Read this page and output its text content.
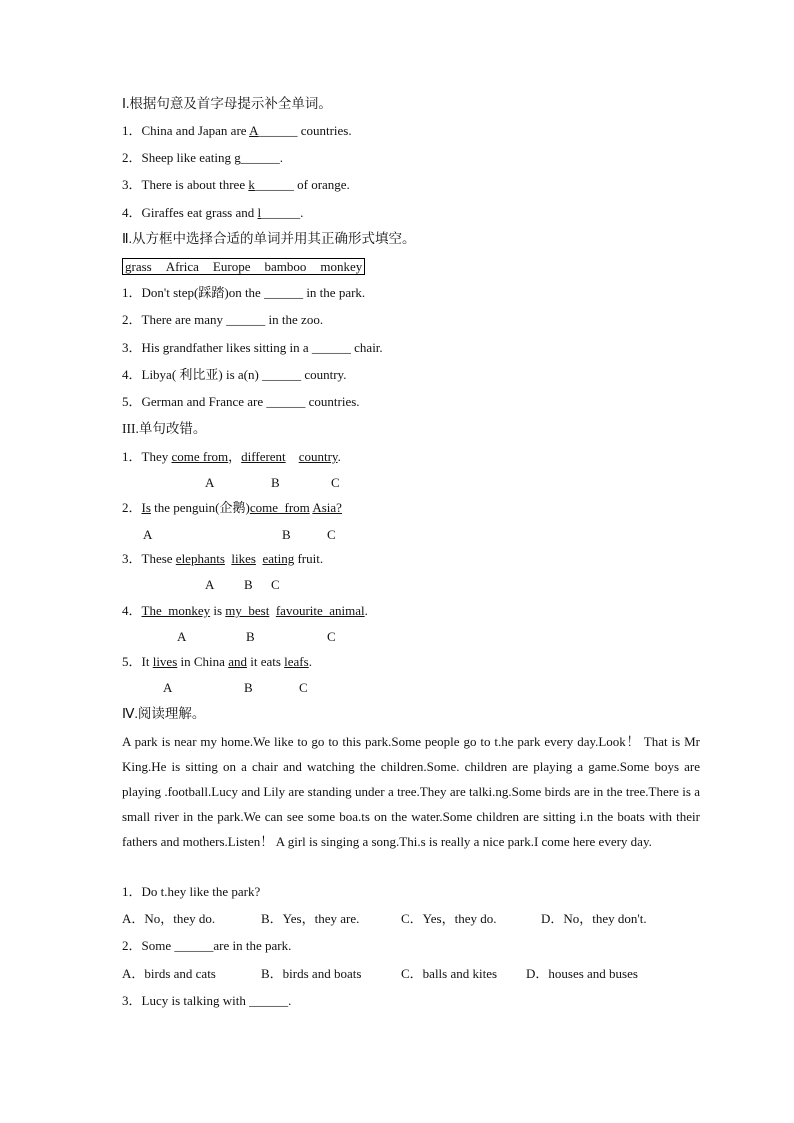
Ⅰ.根据句意及首字母提示补全单词。
1．China and Japan are A______ countries.
2．Sheep like eating g______.
3．There is about three k______ of orange.
4．Giraffes eat grass and l______.
Ⅱ.从方框中选择合适的单词并用其正确形式填空。
grass Africa Europe bamboo monkey
1．Don't step(踩踏)on the ______ in the park.
2．There are many ______ in the zoo.
3．His grandfather likes sitting in a ______ chair.
4．Libya( 利比亚) is a(n) ______ country.
5．German and France are ______ countries.
III.单句改错。
1．They come from，different country.
A	B	C
2．Is the penguin(企鹅)come  from Asia?
A	B	C
3．These elephants likes eating fruit.
A B C
4．The  monkey is my  best favourite  animal.
A	B	C
5．It lives in China and it eats leafs.
A	B	C
Ⅳ.阅读理解。
A park is near my home.We like to go to this park.Some people go to t.he park every day.Look！ That is Mr King.He is sitting on a chair and watching the children.Some. children are playing a game.Some boys are playing .football.Lucy and Lily are standing under a tree.They are talki.ng.Some birds are in the tree.There is a small river in the park.We can see some boa.ts on the water.Some children are sitting i.n the boats with their fathers and mothers.Listen！ A girl is singing a song.Thi.s is really a nice park.I come here every day.
1．Do t.hey like the park?
A．No，they do.	B．Yes，they are.	C．Yes，they do.	D．No，they don't.
2．Some ______are in the park.
A．birds and cats	B．birds and boats	C．balls and kites D．houses and buses
3．Lucy is talking with ______.
